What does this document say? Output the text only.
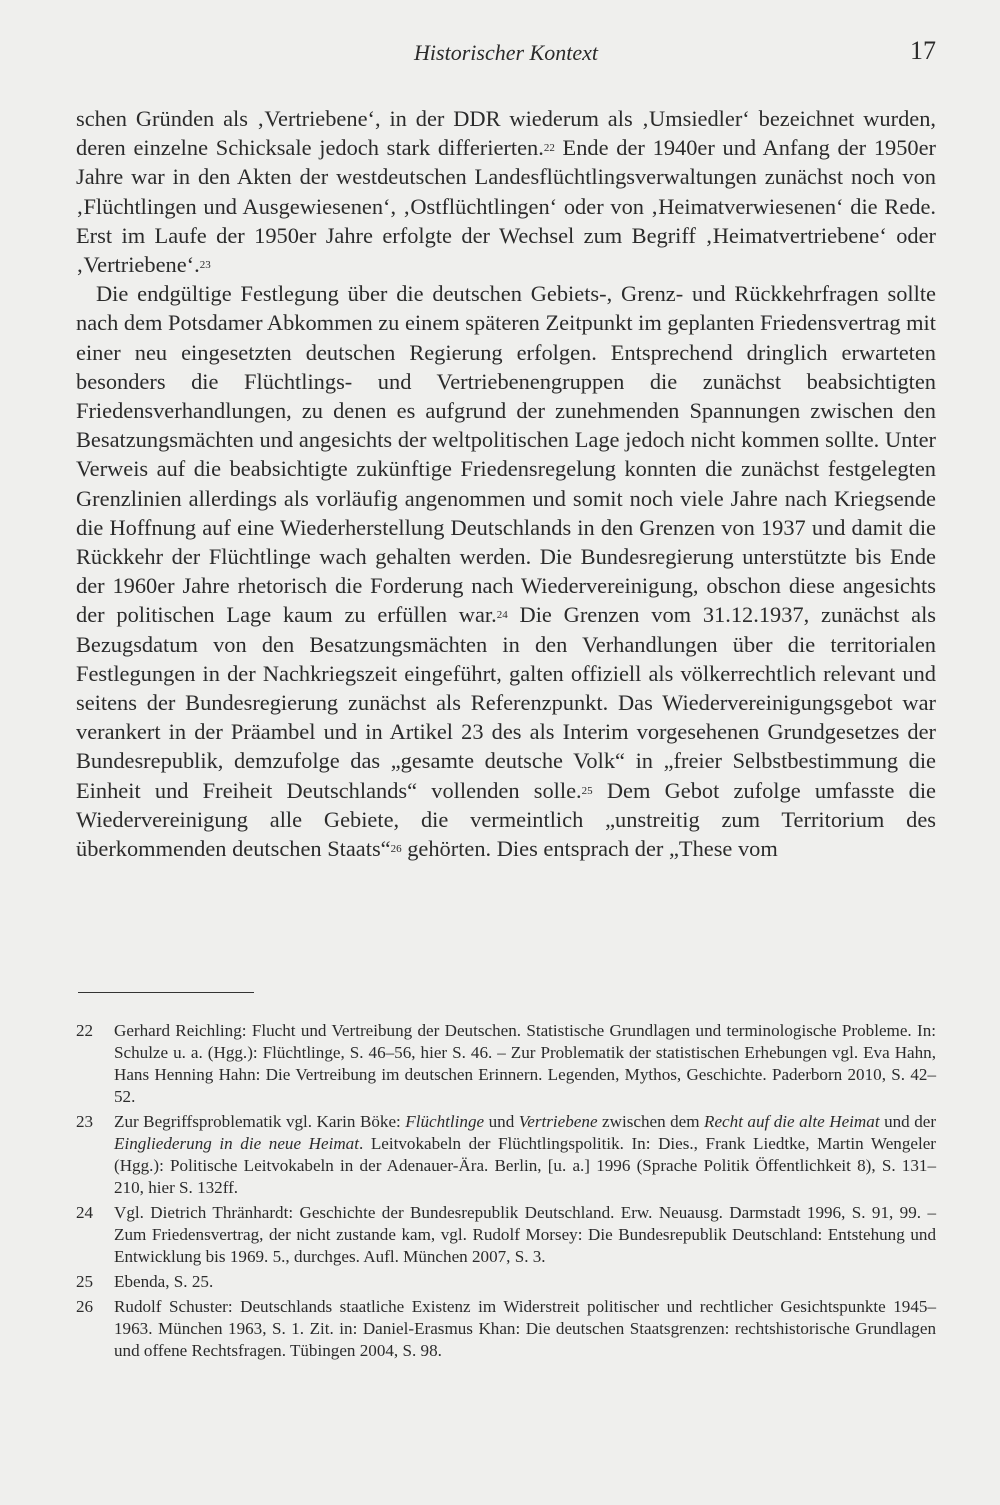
Historischer Kontext	17

schen Gründen als ‚Vertriebene‘, in der DDR wiederum als ‚Umsiedler‘ bezeichnet wurden, deren einzelne Schicksale jedoch stark differierten.$^{22}$ Ende der 1940er und Anfang der 1950er Jahre war in den Akten der westdeutschen Landesflüchtlingsverwaltungen zunächst noch von ‚Flüchtlingen und Ausgewiesenen‘, ‚Ostflüchtlingen‘ oder von ‚Heimatverwiesenen‘ die Rede. Erst im Laufe der 1950er Jahre erfolgte der Wechsel zum Begriff ‚Heimatvertriebene‘ oder ‚Vertriebene‘.$^{23}$

Die endgültige Festlegung über die deutschen Gebiets-, Grenz- und Rückkehrfragen sollte nach dem Potsdamer Abkommen zu einem späteren Zeitpunkt im geplanten Friedensvertrag mit einer neu eingesetzten deutschen Regierung erfolgen. Entsprechend dringlich erwarteten besonders die Flüchtlings- und Vertriebenengruppen die zunächst beabsichtigten Friedensverhandlungen, zu denen es aufgrund der zunehmenden Spannungen zwischen den Besatzungsmächten und angesichts der weltpolitischen Lage jedoch nicht kommen sollte. Unter Verweis auf die beabsichtigte zukünftige Friedensregelung konnten die zunächst festgelegten Grenzlinien allerdings als vorläufig angenommen und somit noch viele Jahre nach Kriegsende die Hoffnung auf eine Wiederherstellung Deutschlands in den Grenzen von 1937 und damit die Rückkehr der Flüchtlinge wach gehalten werden. Die Bundesregierung unterstützte bis Ende der 1960er Jahre rhetorisch die Forderung nach Wiedervereinigung, obschon diese angesichts der politischen Lage kaum zu erfüllen war.$^{24}$ Die Grenzen vom 31.12.1937, zunächst als Bezugsdatum von den Besatzungsmächten in den Verhandlungen über die territorialen Festlegungen in der Nachkriegszeit eingeführt, galten offiziell als völkerrechtlich relevant und seitens der Bundesregierung zunächst als Referenzpunkt. Das Wiedervereinigungsgebot war verankert in der Präambel und in Artikel 23 des als Interim vorgesehenen Grundgesetzes der Bundesrepublik, demzufolge das „gesamte deutsche Volk“ in „freier Selbstbestimmung die Einheit und Freiheit Deutschlands“ vollenden solle.$^{25}$ Dem Gebot zufolge umfasste die Wiedervereinigung alle Gebiete, die vermeintlich „unstreitig zum Territorium des überkommenden deutschen Staats“$^{26}$ gehörten. Dies entsprach der „These vom

22	Gerhard Reichling: Flucht und Vertreibung der Deutschen. Statistische Grundlagen und terminologische Probleme. In: Schulze u. a. (Hgg.): Flüchtlinge, S. 46–56, hier S. 46. – Zur Problematik der statistischen Erhebungen vgl. Eva Hahn, Hans Henning Hahn: Die Vertreibung im deutschen Erinnern. Legenden, Mythos, Geschichte. Paderborn 2010, S. 42–52.
23	Zur Begriffsproblematik vgl. Karin Böke: Flüchtlinge und Vertriebene zwischen dem Recht auf die alte Heimat und der Eingliederung in die neue Heimat. Leitvokabeln der Flüchtlingspolitik. In: Dies., Frank Liedtke, Martin Wengeler (Hgg.): Politische Leitvokabeln in der Adenauer-Ära. Berlin, [u. a.] 1996 (Sprache Politik Öffentlichkeit 8), S. 131–210, hier S. 132ff.
24	Vgl. Dietrich Thränhardt: Geschichte der Bundesrepublik Deutschland. Erw. Neuausg. Darmstadt 1996, S. 91, 99. – Zum Friedensvertrag, der nicht zustande kam, vgl. Rudolf Morsey: Die Bundesrepublik Deutschland: Entstehung und Entwicklung bis 1969. 5., durchges. Aufl. München 2007, S. 3.
25	Ebenda, S. 25.
26	Rudolf Schuster: Deutschlands staatliche Existenz im Widerstreit politischer und rechtlicher Gesichtspunkte 1945–1963. München 1963, S. 1. Zit. in: Daniel-Erasmus Khan: Die deutschen Staatsgrenzen: rechtshistorische Grundlagen und offene Rechtsfragen. Tübingen 2004, S. 98.
